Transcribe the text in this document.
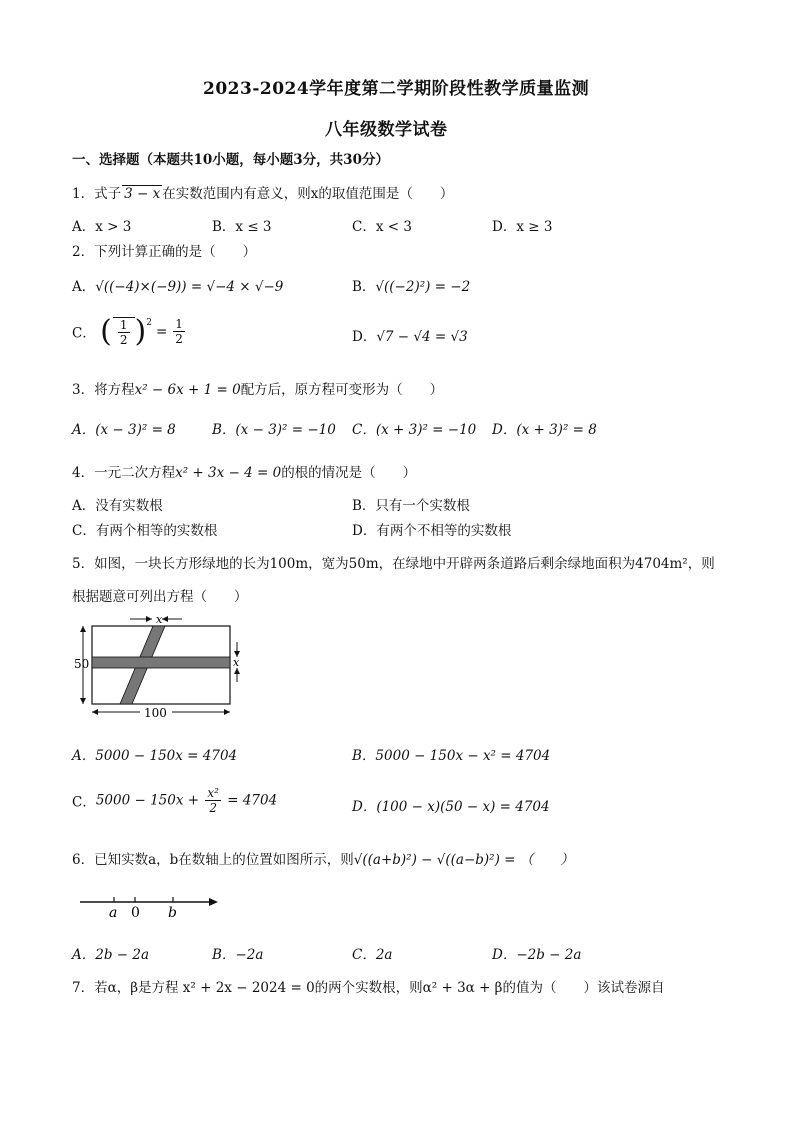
2023-2024学年度第二学期阶段性教学质量监测
八年级数学试卷
一、选择题（本题共10小题，每小题3分，共30分）
1．式子 3 − x 在实数范围内有意义，则x的取值范围是（　　）
A．x > 3	B．x ≤ 3	C．x < 3	D．x ≥ 3
2．下列计算正确的是（　　）
A．√((−4)×(−9)) = √−4 × √−9	B．√((−2)²) = −2
C． ( $\frac{1}{2} )^2$
= $\frac{1}{2}$	D．√7 − √4 = √3
3．将方程x² − 6x + 1 = 0配方后，原方程可变形为（　　）
A．(x − 3)² = 8	B．(x − 3)² = −10 C．(x + 3)² = −10 D．(x + 3)² = 8
4．一元二次方程x² + 3x − 4 = 0的根的情况是（　　）
A．没有实数根	B．只有一个实数根
C．有两个相等的实数根	D．有两个不相等的实数根
5．如图，一块长方形绿地的长为100m，宽为50m，在绿地中开辟两条道路后剩余绿地面积为4704m²，则
根据题意可列出方程（　　）
x
50	x
100
A．5000 − 150x = 4704	B．5000 − 150x − x² = 4704
C．$5000 - 150x + \frac{\text{x²}}{2} = 4704$	D．(100 − x)(50 − x) = 4704
6．已知实数a，b在数轴上的位置如图所示，则√((a+b)²) − √((a−b)²) = （　　）
a 0 b
A．2b − 2a	B．−2a	C．2a	D．−2b − 2a
7．若α，β是方程 x² + 2x − 2024 = 0的两个实数根，则α² + 3α + β的值为（　　）该试卷源自
